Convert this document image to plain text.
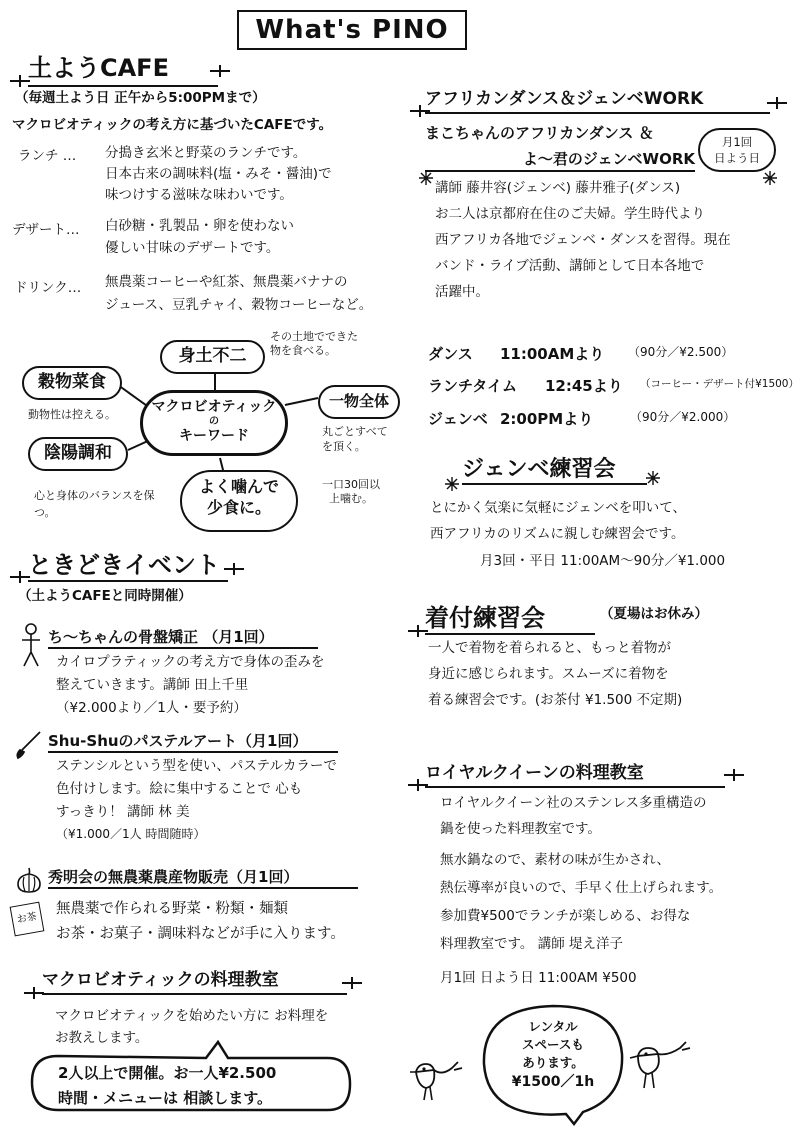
What's PINO
土ようCAFE
（毎週土よう日 正午から5:00PMまで）
マクロビオティックの考え方に基づいたCAFEです。
ランチ … 分搗き玄米と野菜のランチです。
日本古来の調味料(塩・みそ・醤油)で
味つけする滋味な味わいです。
デザート… 白砂糖・乳製品・卵を使わない
優しい甘味のデザートです。
ドリンク… 無農薬コーヒーや紅茶、無農薬バナナの
ジュース、豆乳チャイ、穀物コーヒーなど。
マクロビオティック
の
キーワード
身土不二
その土地でできた物を食べる。
穀物菜食
動物性は控える。
一物全体
丸ごとすべてを頂く。
陰陽調和
心と身体のバランスを保つ。
よく噛んで少食に。
一口30回以上噛む。
ときどきイベント
（土ようCAFEと同時開催）
ち～ちゃんの骨盤矯正 （月1回）
カイロプラティックの考え方で身体の歪みを
整えていきます。講師 田上千里
（¥2.000より／1人・要予約）
Shu-Shuのパステルアート（月1回）
ステンシルという型を使い、パステルカラーで
色付けします。絵に集中することで 心も
すっきり！ 講師 林 美
（¥1.000／1人 時間随時）
秀明会の無農薬農産物販売（月1回）
お茶
無農薬で作られる野菜・粉類・麺類
お茶・お菓子・調味料などが手に入ります。
マクロビオティックの料理教室
マクロビオティックを始めたい方に お料理を
お教えします。
2人以上で開催。お一人¥2.500
時間・メニューは 相談します。
アフリカンダンス＆ジェンベWORK
まこちゃんのアフリカンダンス ＆
よ～君のジェンベWORK
月1回
日よう日
講師 藤井容(ジェンベ) 藤井雅子(ダンス)
お二人は京都府在住のご夫婦。学生時代より
西アフリカ各地でジェンベ・ダンスを習得。現在
バンド・ライブ活動、講師として日本各地で
活躍中。
ダンス 11:00AMより （90分／¥2.500）
ランチタイム 12:45より （コーヒー・デザート付¥1500）
ジェンベ 2:00PMより	（90分／¥2.000）
ジェンベ練習会
とにかく気楽に気軽にジェンベを叩いて、
西アフリカのリズムに親しむ練習会です。
月3回・平日 11:00AM～90分／¥1.000
着付練習会	（夏場はお休み）
一人で着物を着られると、もっと着物が
身近に感じられます。スムーズに着物を
着る練習会です。(お茶付 ¥1.500 不定期)
ロイヤルクイーンの料理教室
ロイヤルクイーン社のステンレス多重構造の
鍋を使った料理教室です。
無水鍋なので、素材の味が生かされ、
熱伝導率が良いので、手早く仕上げられます。
参加費¥500でランチが楽しめる、お得な
料理教室です。 講師 堤え洋子
月1回 日よう日 11:00AM ¥500
レンタル
スペースも
あります。
¥1500／1h
